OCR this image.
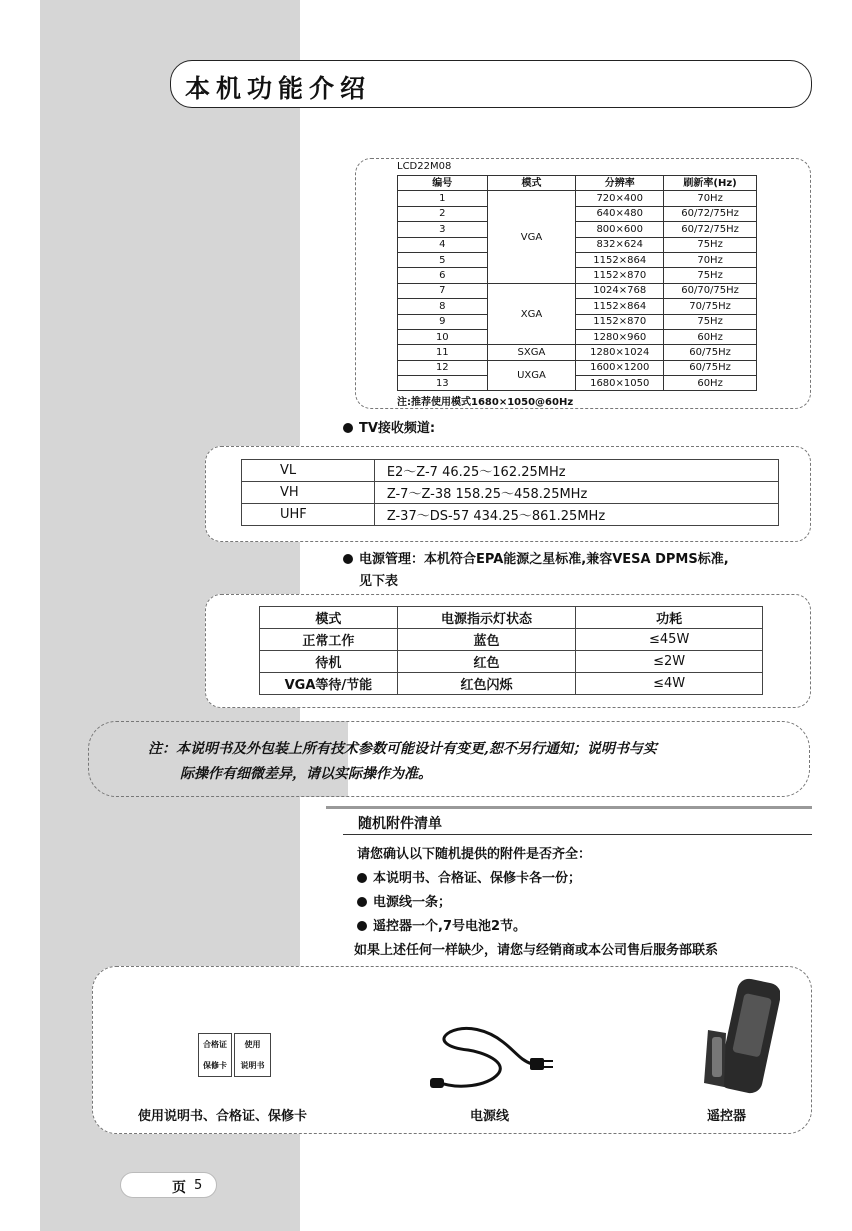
本机功能介绍
LCD22M08
编号	模式	分辨率	刷新率(Hz)
1	VGA	720×400	70Hz
2		640×480	60/72/75Hz
3		800×600	60/72/75Hz
4		832×624	75Hz
5		1152×864	70Hz
6		1152×870	75Hz
7	XGA	1024×768	60/70/75Hz
8		1152×864	70/75Hz
9		1152×870	75Hz
10		1280×960	60Hz
11	SXGA	1280×1024	60/75Hz
12	UXGA	1600×1200	60/75Hz
13		1680×1050	60Hz
注:推荐使用模式1680×1050@60Hz
TV接收频道:
VL	E2～Z-7 46.25～162.25MHz
VH	Z-7～Z-38 158.25～458.25MHz
UHF	Z-37～DS-57 434.25～861.25MHz
电源管理：本机符合EPA能源之星标准,兼容VESA DPMS标准,
见下表
模式	电源指示灯状态	功耗
正常工作	蓝色	≤45W
待机	红色	≤2W
VGA等待/节能	红色闪烁	≤4W
注：本说明书及外包装上所有技术参数可能设计有变更,恕不另行通知；说明书与实
际操作有细微差异，请以实际操作为准。
随机附件清单
请您确认以下随机提供的附件是否齐全：
本说明书、合格证、保修卡各一份；
电源线一条；
遥控器一个,7号电池2节。
如果上述任何一样缺少，请您与经销商或本公司售后服务部联系
合格证
保修卡
使用
说明书
使用说明书、合格证、保修卡	电源线	遥控器
页 5
